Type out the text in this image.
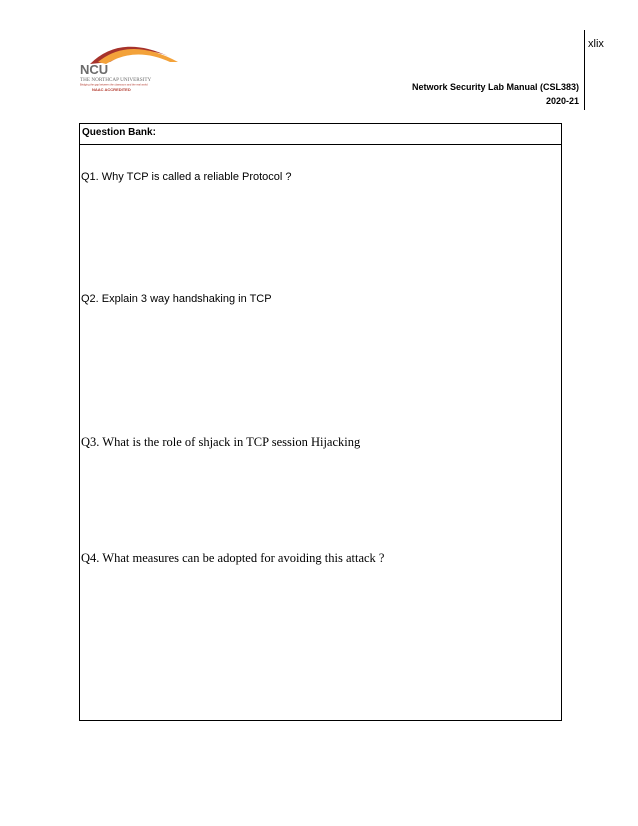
xlix
NCU
THE NORTHCAP UNIVERSITY
Bridging the gap between the classroom and the real world
NAAC ACCREDITED	Network Security Lab Manual (CSL383)
2020-21
Question Bank:
Q1. Why TCP is called a reliable Protocol ?
Q2. Explain 3 way handshaking in TCP
Q3. What is the role of shjack in TCP session Hijacking
Q4. What measures can be adopted for avoiding this attack ?
